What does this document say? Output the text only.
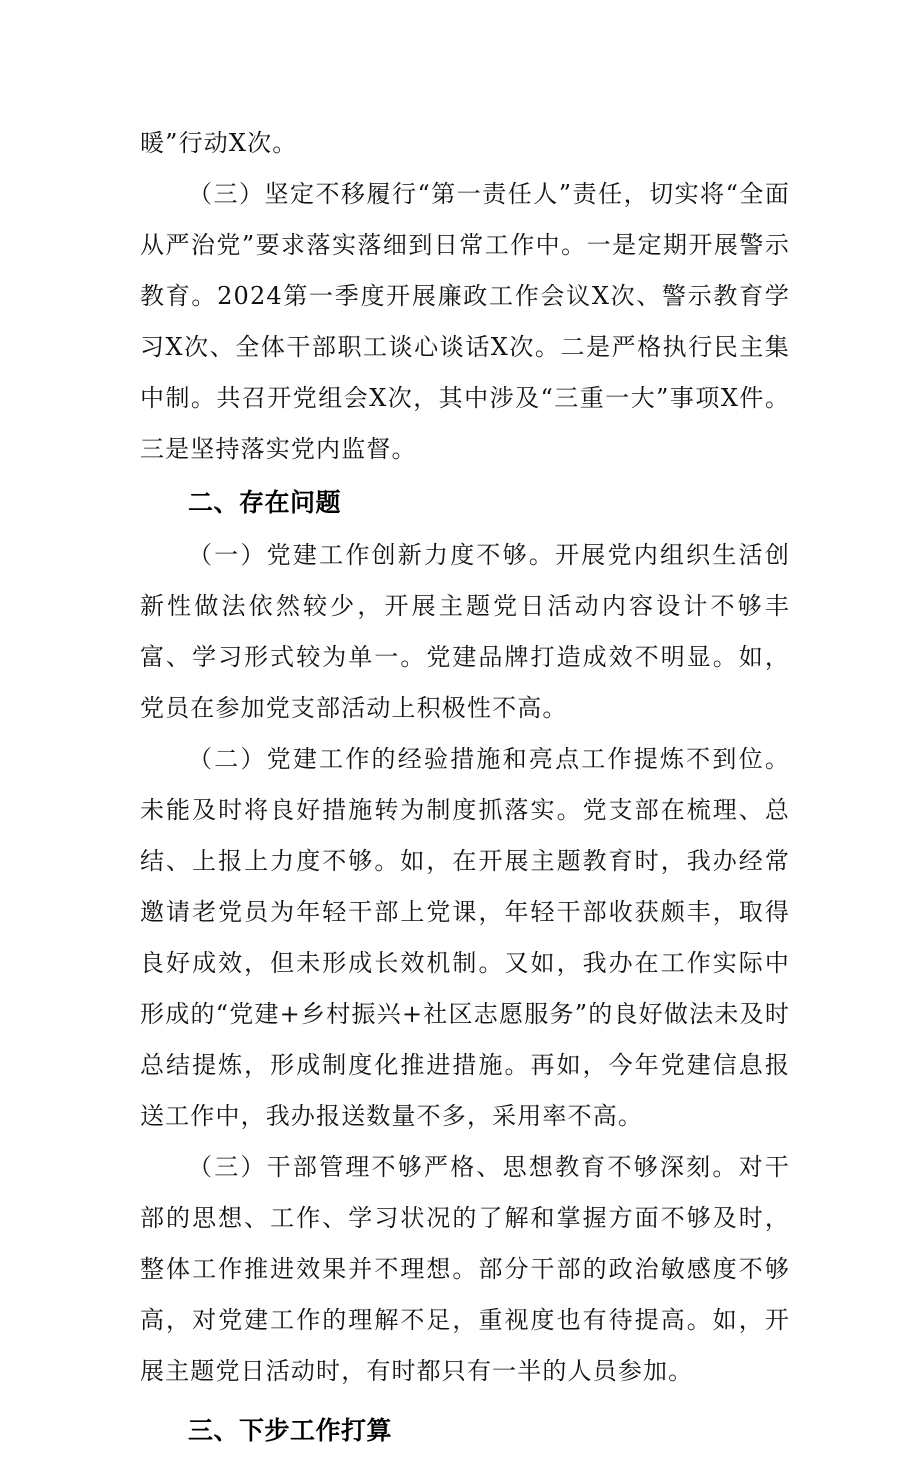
暖”行动X次。

（三）坚定不移履行“第一责任人”责任，切实将“全面从严治党”要求落实落细到日常工作中。一是定期开展警示教育。2024第一季度开展廉政工作会议X次、警示教育学习X次、全体干部职工谈心谈话X次。二是严格执行民主集中制。共召开党组会X次，其中涉及“三重一大”事项X件。三是坚持落实党内监督。

二、存在问题

（一）党建工作创新力度不够。开展党内组织生活创新性做法依然较少，开展主题党日活动内容设计不够丰富、学习形式较为单一。党建品牌打造成效不明显。如，党员在参加党支部活动上积极性不高。

（二）党建工作的经验措施和亮点工作提炼不到位。未能及时将良好措施转为制度抓落实。党支部在梳理、总结、上报上力度不够。如，在开展主题教育时，我办经常邀请老党员为年轻干部上党课，年轻干部收获颇丰，取得良好成效，但未形成长效机制。又如，我办在工作实际中形成的“党建+乡村振兴+社区志愿服务”的良好做法未及时总结提炼，形成制度化推进措施。再如，今年党建信息报送工作中，我办报送数量不多，采用率不高。

（三）干部管理不够严格、思想教育不够深刻。对干部的思想、工作、学习状况的了解和掌握方面不够及时，整体工作推进效果并不理想。部分干部的政治敏感度不够高，对党建工作的理解不足，重视度也有待提高。如，开展主题党日活动时，有时都只有一半的人员参加。

三、下步工作打算
